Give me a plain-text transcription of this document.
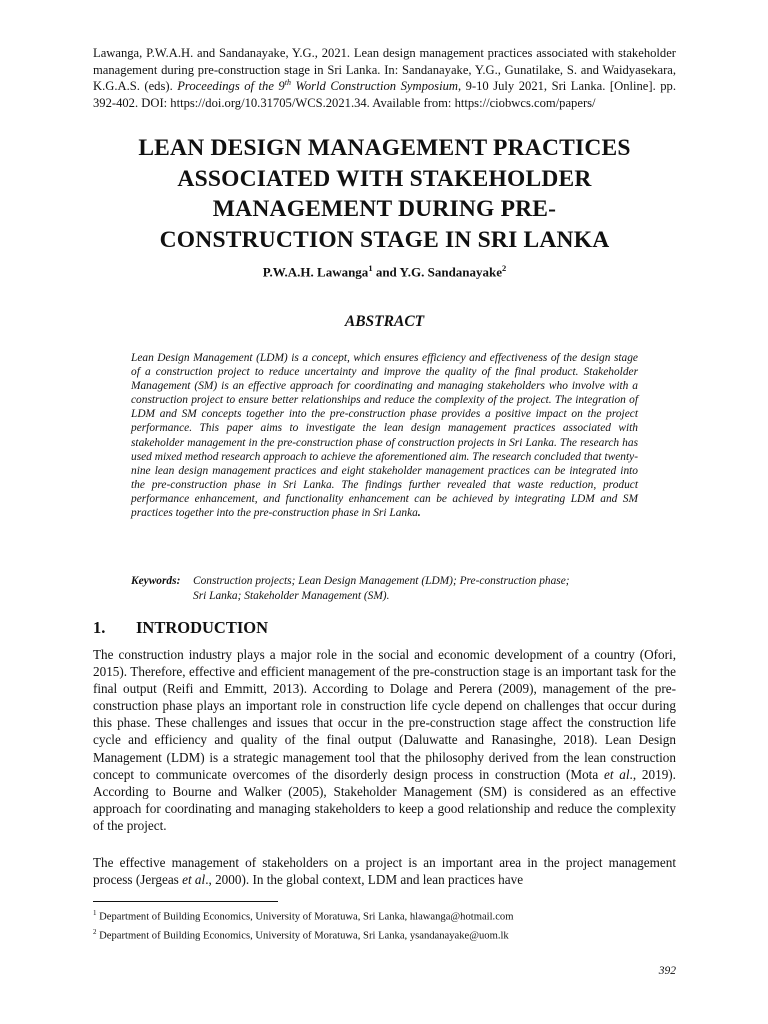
Lawanga, P.W.A.H. and Sandanayake, Y.G., 2021. Lean design management practices associated with stakeholder management during pre-construction stage in Sri Lanka. In: Sandanayake, Y.G., Gunatilake, S. and Waidyasekara, K.G.A.S. (eds). Proceedings of the 9th World Construction Symposium, 9-10 July 2021, Sri Lanka. [Online]. pp. 392-402. DOI: https://doi.org/10.31705/WCS.2021.34. Available from: https://ciobwcs.com/papers/
LEAN DESIGN MANAGEMENT PRACTICES
ASSOCIATED WITH STAKEHOLDER
MANAGEMENT DURING PRE-
CONSTRUCTION STAGE IN SRI LANKA
P.W.A.H. Lawanga$^1$ and Y.G. Sandanayake$^2$
ABSTRACT
Lean Design Management (LDM) is a concept, which ensures efficiency and effectiveness of the design stage of a construction project to reduce uncertainty and improve the quality of the final product. Stakeholder Management (SM) is an effective approach for coordinating and managing stakeholders who involve with a construction project to ensure better relationships and reduce the complexity of the project. The integration of LDM and SM concepts together into the pre-construction phase provides a positive impact on the project performance. This paper aims to investigate the lean design management practices associated with stakeholder management in the pre-construction phase of construction projects in Sri Lanka. The research has used mixed method research approach to achieve the aforementioned aim. The research concluded that twenty-nine lean design management practices and eight stakeholder management practices can be integrated into the pre-construction phase in Sri Lanka. The findings further revealed that waste reduction, product performance enhancement, and functionality enhancement can be achieved by integrating LDM and SM practices together into the pre-construction phase in Sri Lanka.
Keywords: Construction projects; Lean Design Management (LDM); Pre-construction phase;
Sri Lanka; Stakeholder Management (SM).
1. INTRODUCTION
The construction industry plays a major role in the social and economic development of a country (Ofori, 2015). Therefore, effective and efficient management of the pre-construction stage is an important task for the final output (Reifi and Emmitt, 2013). According to Dolage and Perera (2009), management of the pre-construction phase plays an important role in construction life cycle depend on challenges that occur during this phase. These challenges and issues that occur in the pre-construction stage affect the construction life cycle and efficiency and quality of the final output (Daluwatte and Ranasinghe, 2018). Lean Design Management (LDM) is a strategic management tool that the philosophy derived from the lean construction concept to communicate overcomes of the disorderly design process in construction (Mota et al., 2019). According to Bourne and Walker (2005), Stakeholder Management (SM) is considered as an effective approach for coordinating and managing stakeholders to keep a good relationship and reduce the complexity of the project.
The effective management of stakeholders on a project is an important area in the project management process (Jergeas et al., 2000). In the global context, LDM and lean practices have
$^1$ Department of Building Economics, University of Moratuwa, Sri Lanka, hlawanga@hotmail.com
$^2$ Department of Building Economics, University of Moratuwa, Sri Lanka, ysandanayake@uom.lk
392
